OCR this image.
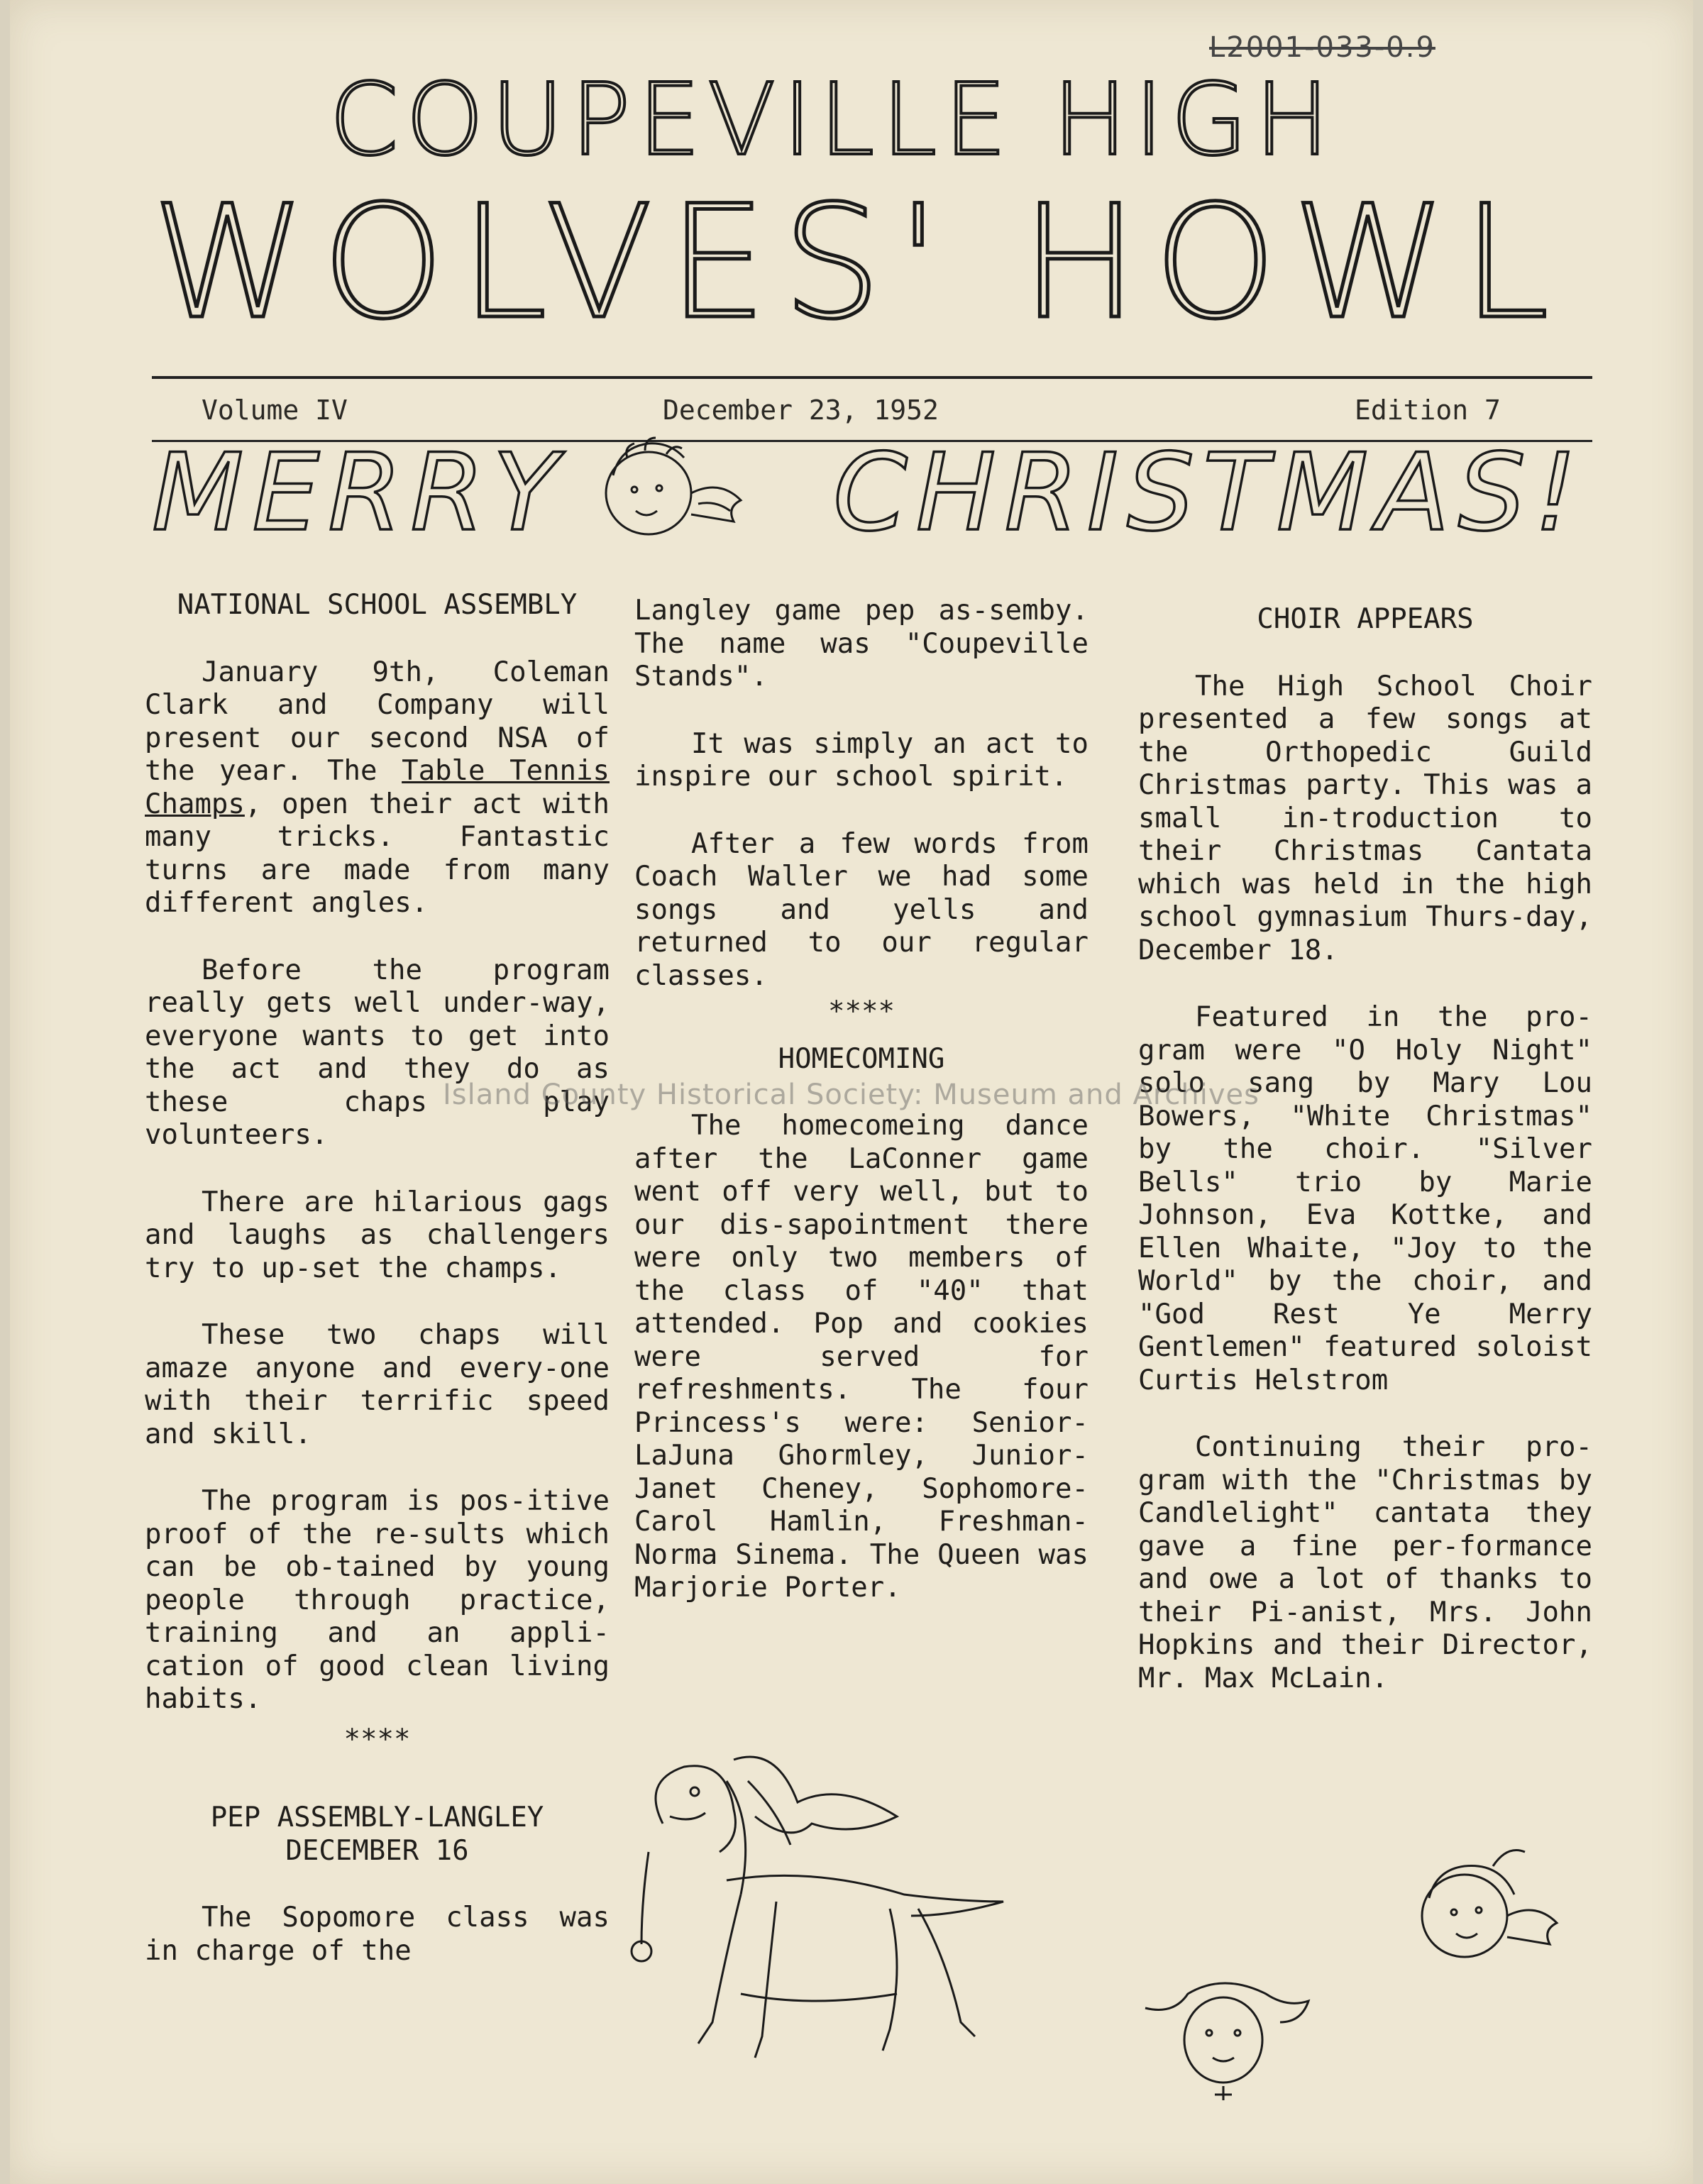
L2001-033-0.9
COUPEVILLE HIGH
WOLVES' HOWL
Volume IV	December 23, 1952	Edition 7
MERRY	CHRISTMAS!
NATIONAL SCHOOL ASSEMBLY

January 9th, Coleman Clark and Company will present our second NSA of the year. The Table Tennis Champs, open their act with many tricks. Fantastic turns are made from many different angles.

Before the program really gets well under-way, everyone wants to get into the act and they do as these chaps play volunteers.

There are hilarious gags and laughs as challengers try to up-set the champs.

These two chaps will amaze anyone and every-one with their terrific speed and skill.

The program is pos-itive proof of the re-sults which can be ob-tained by young people through practice, training and an appli-cation of good clean living habits.

****
PEP ASSEMBLY-LANGLEY DECEMBER 16

The Sopomore class was in charge of the

Langley game pep as-semby. The name was "Coupeville Stands".

It was simply an act to inspire our school spirit.

After a few words from Coach Waller we had some songs and yells and returned to our regular classes.

****
HOMECOMING

The homecomeing dance after the LaConner game went off very well, but to our dis-sapointment there were only two members of the class of "40" that attended. Pop and cookies were served for refreshments. The four Princess's were: Senior-LaJuna Ghormley, Junior-Janet Cheney, Sophomore-Carol Hamlin, Freshman-Norma Sinema. The Queen was Marjorie Porter.

CHOIR APPEARS

The High School Choir presented a few songs at the Orthopedic Guild Christmas party. This was a small in-troduction to their Christmas Cantata which was held in the high school gymnasium Thurs-day, December 18.

Featured in the pro-gram were "O Holy Night" solo sang by Mary Lou Bowers, "White Christmas" by the choir. "Silver Bells" trio by Marie Johnson, Eva Kottke, and Ellen Whaite, "Joy to the World" by the choir, and "God Rest Ye Merry Gentlemen" featured soloist Curtis Helstrom

Continuing their pro-gram with the "Christmas by Candlelight" cantata they gave a fine per-formance and owe a lot of thanks to their Pi-anist, Mrs. John Hopkins and their Director, Mr. Max McLain.

Island County Historical Society: Museum and Archives
